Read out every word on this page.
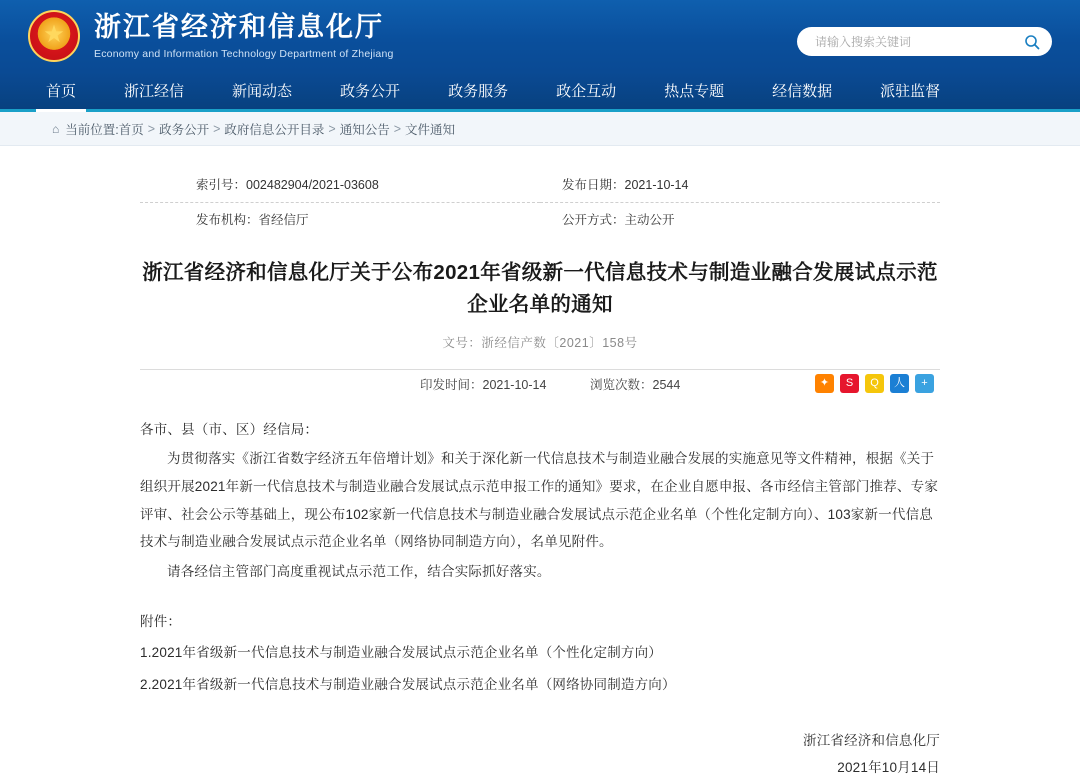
★
浙江省经济和信息化厅
Economy and Information Technology Department of Zhejiang
请输入搜索关键词
首页	浙江经信	新闻动态	政务公开	政务服务	政企互动	热点专题	经信数据	派驻监督
⌂ 当前位置: 首页 > 政务公开 > 政府信息公开目录 > 通知公告 > 文件通知
索引号：002482904/2021-03608	发布日期：2021-10-14
发布机构：省经信厅	公开方式：主动公开
浙江省经济和信息化厅关于公布2021年省级新一代信息技术与制造业融合发展试点示范企业名单的通知
文号：浙经信产数〔2021〕158号
印发时间：2021-10-14	浏览次数：2544	✦	S	Q	人	+

各市、县（市、区）经信局：

为贯彻落实《浙江省数字经济五年倍增计划》和关于深化新一代信息技术与制造业融合发展的实施意见等文件精神，根据《关于组织开展2021年新一代信息技术与制造业融合发展试点示范申报工作的通知》要求，在企业自愿申报、各市经信主管部门推荐、专家评审、社会公示等基础上，现公布102家新一代信息技术与制造业融合发展试点示范企业名单（个性化定制方向）、103家新一代信息技术与制造业融合发展试点示范企业名单（网络协同制造方向），名单见附件。

请各经信主管部门高度重视试点示范工作，结合实际抓好落实。

附件：

1.2021年省级新一代信息技术与制造业融合发展试点示范企业名单（个性化定制方向）

2.2021年省级新一代信息技术与制造业融合发展试点示范企业名单（网络协同制造方向）

浙江省经济和信息化厅
2021年10月14日
